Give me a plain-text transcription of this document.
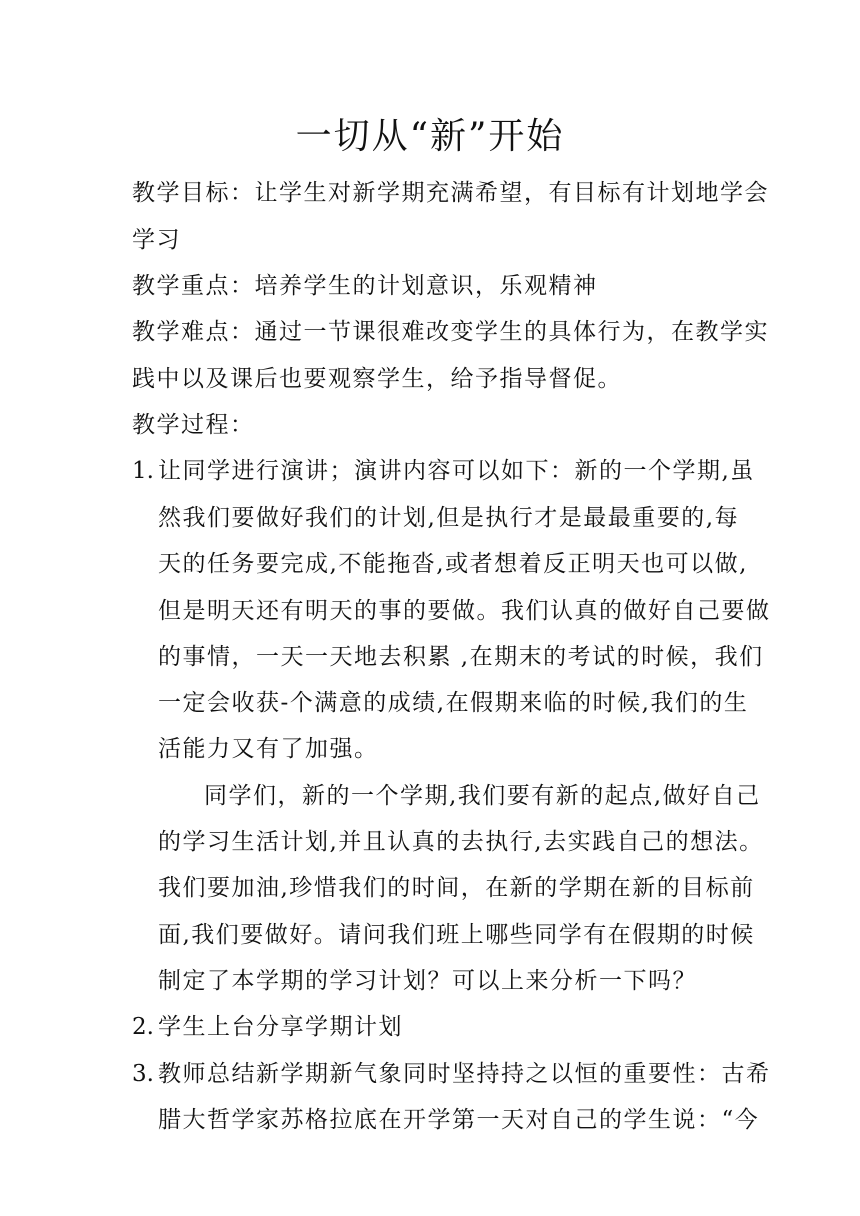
一切从“新”开始
教学目标：让学生对新学期充满希望，有目标有计划地学会
学习
教学重点：培养学生的计划意识，乐观精神
教学难点：通过一节课很难改变学生的具体行为，在教学实
践中以及课后也要观察学生，给予指导督促。
教学过程：
1. 让同学进行演讲；演讲内容可以如下：新的一个学期,虽
然我们要做好我们的计划,但是执行才是最最重要的,每
天的任务要完成,不能拖沓,或者想着反正明天也可以做,
但是明天还有明天的事的要做。我们认真的做好自己要做
的事情，一天一天地去积累 ,在期末的考试的时候，我们
一定会收获-个满意的成绩,在假期来临的时候,我们的生
活能力又有了加强。
同学们，新的一个学期,我们要有新的起点,做好自己
的学习生活计划,并且认真的去执行,去实践自己的想法。
我们要加油,珍惜我们的时间，在新的学期在新的目标前
面,我们要做好。请问我们班上哪些同学有在假期的时候
制定了本学期的学习计划？可以上来分析一下吗？
2. 学生上台分享学期计划
3. 教师总结新学期新气象同时坚持持之以恒的重要性：古希
腊大哲学家苏格拉底在开学第一天对自己的学生说：“今
